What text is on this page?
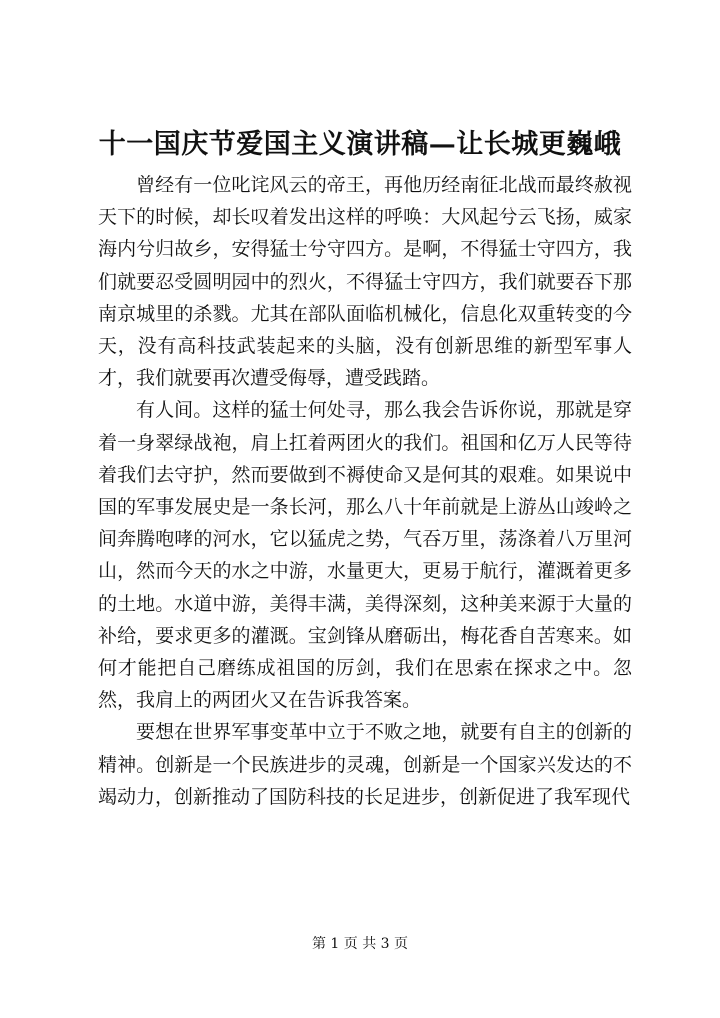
十一国庆节爱国主义演讲稿—让长城更巍峨

曾经有一位叱诧风云的帝王，再他历经南征北战而最终赦视天下的时候，却长叹着发出这样的呼唤：大风起兮云飞扬，威家海内兮归故乡，安得猛士兮守四方。是啊，不得猛士守四方，我们就要忍受圆明园中的烈火，不得猛士守四方，我们就要吞下那南京城里的杀戮。尤其在部队面临机械化，信息化双重转变的今天，没有高科技武装起来的头脑，没有创新思维的新型军事人才，我们就要再次遭受侮辱，遭受践踏。

有人间。这样的猛士何处寻，那么我会告诉你说，那就是穿着一身翠绿战袍，肩上扛着两团火的我们。祖国和亿万人民等待着我们去守护，然而要做到不褥使命又是何其的艰难。如果说中国的军事发展史是一条长河，那么八十年前就是上游丛山竣岭之间奔腾咆哮的河水，它以猛虎之势，气吞万里，荡涤着八万里河山，然而今天的水之中游，水量更大，更易于航行，灌溉着更多的土地。水道中游，美得丰满，美得深刻，这种美来源于大量的补给，要求更多的灌溉。宝剑锋从磨砺出，梅花香自苦寒来。如何才能把自己磨练成祖国的厉剑，我们在思索在探求之中。忽然，我肩上的两团火又在告诉我答案。

要想在世界军事变革中立于不败之地，就要有自主的创新的精神。创新是一个民族进步的灵魂，创新是一个国家兴发达的不竭动力，创新推动了国防科技的长足进步，创新促进了我军现代

第 1 页 共 3 页
